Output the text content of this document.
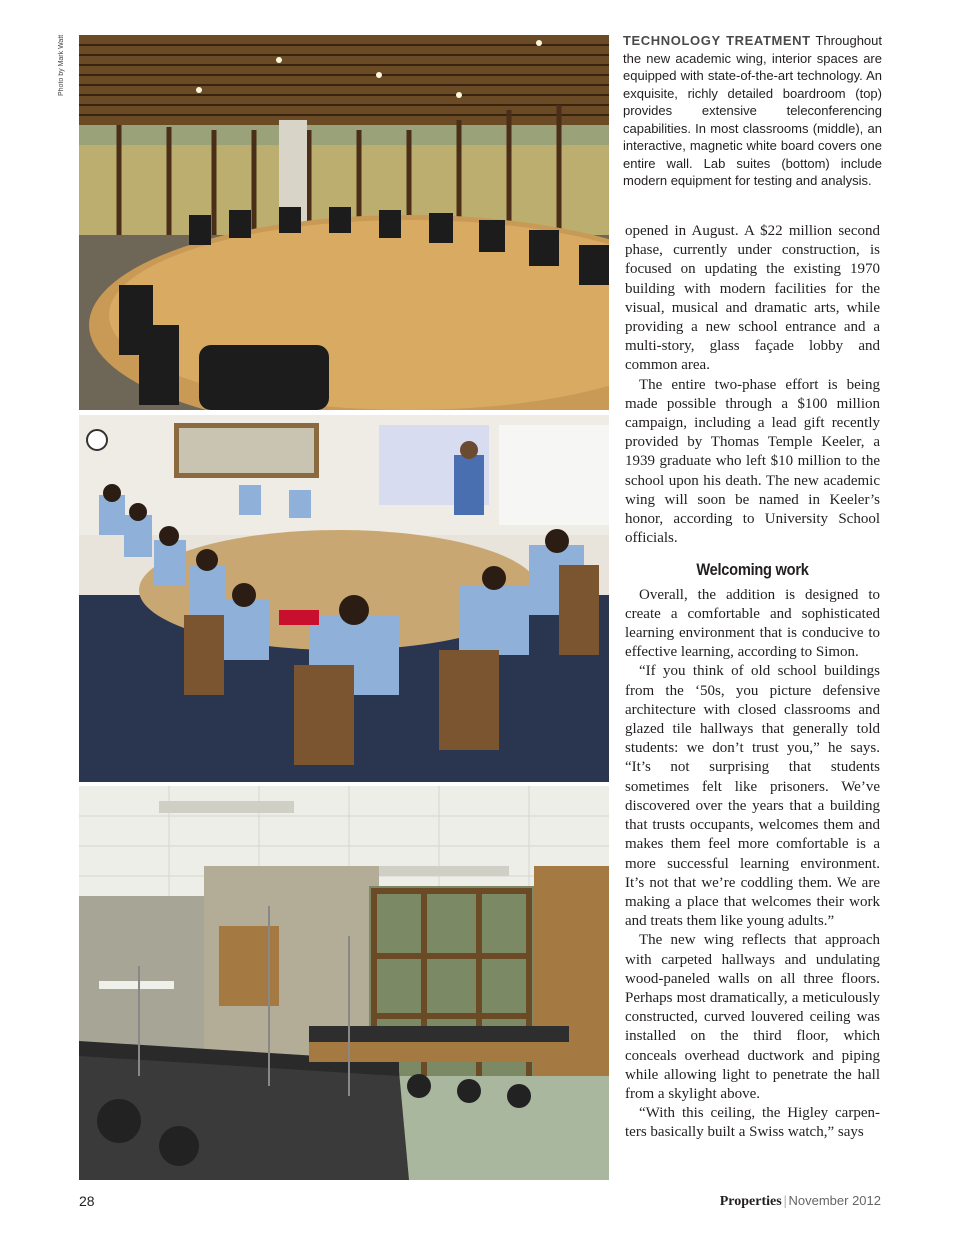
Photo by Mark Watt	TECHNOLOGY TREATMENT Throughout the new academic wing, interior spaces are equipped with state-of-the-art technology. An exquisite, richly detailed boardroom (top) provides extensive teleconferencing capabilities. In most classrooms (middle), an interactive, magnetic white board covers one entire wall. Lab suites (bottom) include modern equipment for testing and analysis.

opened in August. A $22 million second phase, currently under construction, is focused on updating the existing 1970 building with modern facilities for the visual, musical and dramatic arts, while providing a new school entrance and a multi-story, glass façade lobby and common area.

The entire two-phase effort is being made possible through a $100 million campaign, including a lead gift recently provided by Thomas Temple Keeler, a 1939 graduate who left $10 million to the school upon his death. The new academic wing will soon be named in Keeler’s honor, according to University School officials.

Welcoming work

Overall, the addition is designed to create a comfortable and sophisticated learning environment that is conducive to effective learning, according to Simon.

“If you think of old school buildings from the ‘50s, you picture defensive architecture with closed classrooms and glazed tile hallways that generally told students: we don’t trust you,” he says. “It’s not surprising that students sometimes felt like prisoners. We’ve discovered over the years that a building that trusts occupants, welcomes them and makes them feel more comfortable is a more successful learning environment. It’s not that we’re coddling them. We are making a place that welcomes their work and treats them like young adults.”

The new wing reflects that approach with carpeted hallways and undulating wood-paneled walls on all three floors. Perhaps most dramatically, a meticulously constructed, curved louvered ceiling was installed on the third floor, which conceals overhead ductwork and piping while allowing light to penetrate the hall from a skylight above.

“With this ceiling, the Higley carpenters basically built a Swiss watch,” says

28	Properties | November 2012
